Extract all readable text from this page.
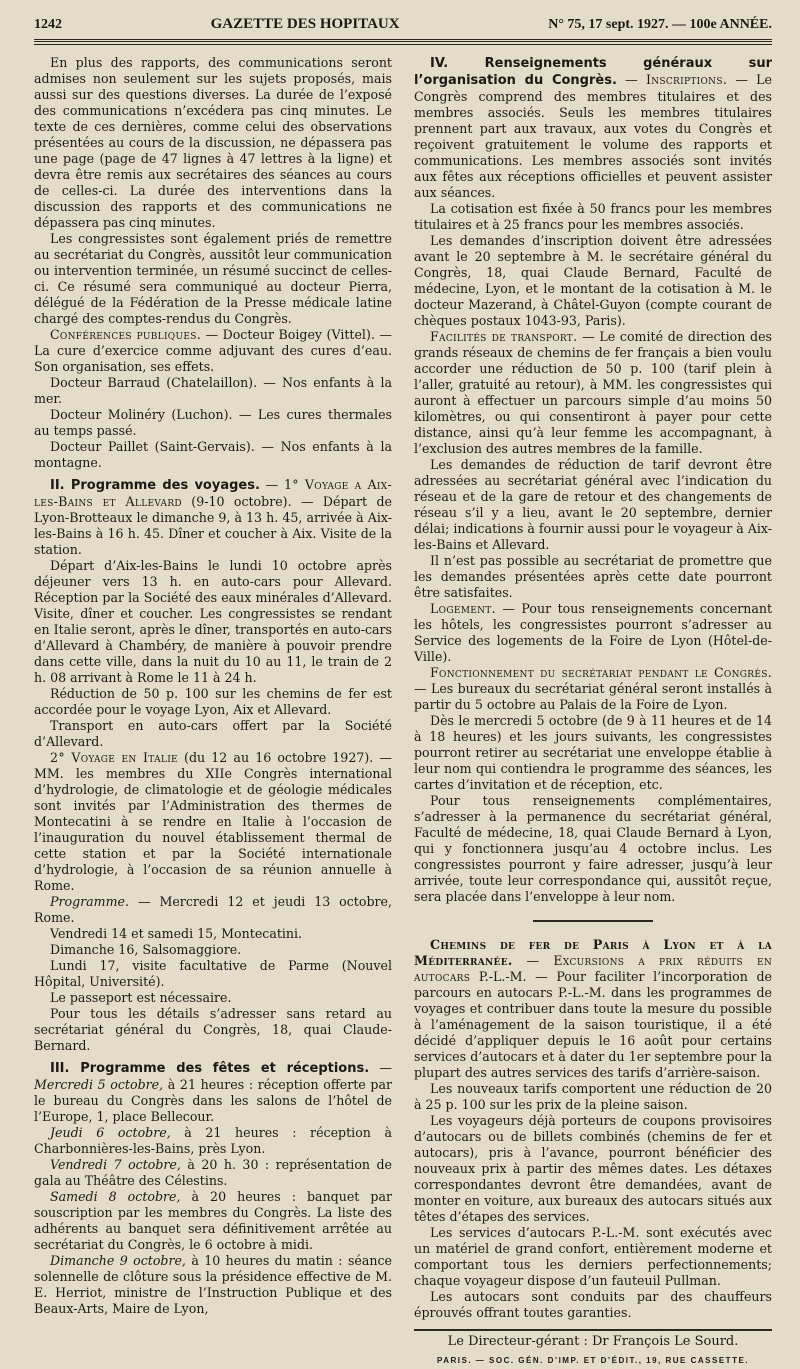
1242	GAZETTE DES HOPITAUX	N° 75, 17 sept. 1927. — 100e ANNÉE.

En plus des rapports, des communications seront admises non seulement sur les sujets proposés, mais aussi sur des questions diverses. La durée de l’exposé des communications n’excédera pas cinq minutes. Le texte de ces dernières, comme celui des observations présentées au cours de la discussion, ne dépassera pas une page (page de 47 lignes à 47 lettres à la ligne) et devra être remis aux secrétaires des séances au cours de celles-ci. La durée des interventions dans la discussion des rapports et des communications ne dépassera pas cinq minutes.

Les congressistes sont également priés de remettre au secrétariat du Congrès, aussitôt leur communication ou intervention terminée, un résumé succinct de celles-ci. Ce résumé sera communiqué au docteur Pierra, délégué de la Fédération de la Presse médicale latine chargé des comptes-rendus du Congrès.

Conférences publiques. — Docteur Boigey (Vittel). — La cure d’exercice comme adjuvant des cures d’eau. Son organisation, ses effets.

Docteur Barraud (Chatelaillon). — Nos enfants à la mer.

Docteur Molinéry (Luchon). — Les cures thermales au temps passé.

Docteur Paillet (Saint-Gervais). — Nos enfants à la montagne.

II. Programme des voyages. — 1° Voyage a Aix-les-Bains et Allevard (9-10 octobre). — Départ de Lyon-Brotteaux le dimanche 9, à 13 h. 45, arrivée à Aix-les-Bains à 16 h. 45. Dîner et coucher à Aix. Visite de la station.

Départ d’Aix-les-Bains le lundi 10 octobre après déjeuner vers 13 h. en auto-cars pour Allevard. Réception par la Société des eaux minérales d’Allevard. Visite, dîner et coucher. Les congressistes se rendant en Italie seront, après le dîner, transportés en auto-cars d’Allevard à Chambéry, de manière à pouvoir prendre dans cette ville, dans la nuit du 10 au 11, le train de 2 h. 08 arrivant à Rome le 11 à 24 h.

Réduction de 50 p. 100 sur les chemins de fer est accordée pour le voyage Lyon, Aix et Allevard.

Transport en auto-cars offert par la Société d’Allevard.

2° Voyage en Italie (du 12 au 16 octobre 1927). — MM. les membres du XIIe Congrès international d’hydrologie, de climatologie et de géologie médicales sont invités par l’Administration des thermes de Montecatini à se rendre en Italie à l’occasion de l’inauguration du nouvel établissement thermal de cette station et par la Société internationale d’hydrologie, à l’occasion de sa réunion annuelle à Rome.

Programme. — Mercredi 12 et jeudi 13 octobre, Rome.

Vendredi 14 et samedi 15, Montecatini.

Dimanche 16, Salsomaggiore.

Lundi 17, visite facultative de Parme (Nouvel Hôpital, Université).

Le passeport est nécessaire.

Pour tous les détails s’adresser sans retard au secrétariat général du Congrès, 18, quai Claude-Bernard.

III. Programme des fêtes et réceptions. — Mercredi 5 octobre, à 21 heures : réception offerte par le bureau du Congrès dans les salons de l’hôtel de l’Europe, 1, place Bellecour.

Jeudi 6 octobre, à 21 heures : réception à Charbonnières-les-Bains, près Lyon.

Vendredi 7 octobre, à 20 h. 30 : représentation de gala au Théâtre des Célestins.

Samedi 8 octobre, à 20 heures : banquet par souscription par les membres du Congrès. La liste des adhérents au banquet sera définitivement arrêtée au secrétariat du Congrès, le 6 octobre à midi.

Dimanche 9 octobre, à 10 heures du matin : séance solennelle de clôture sous la présidence effective de M. E. Herriot, ministre de l’Instruction Publique et des Beaux-Arts, Maire de Lyon,

IV. Renseignements généraux sur l’organisation du Congrès. — Inscriptions. — Le Congrès comprend des membres titulaires et des membres associés. Seuls les membres titulaires prennent part aux travaux, aux votes du Congrès et reçoivent gratuitement le volume des rapports et communications. Les membres associés sont invités aux fêtes aux réceptions officielles et peuvent assister aux séances.

La cotisation est fixée à 50 francs pour les membres titulaires et à 25 francs pour les membres associés.

Les demandes d’inscription doivent être adressées avant le 20 septembre à M. le secrétaire général du Congrès, 18, quai Claude Bernard, Faculté de médecine, Lyon, et le montant de la cotisation à M. le docteur Mazerand, à Châtel-Guyon (compte courant de chèques postaux 1043-93, Paris).

Facilités de transport. — Le comité de direction des grands réseaux de chemins de fer français a bien voulu accorder une réduction de 50 p. 100 (tarif plein à l’aller, gratuité au retour), à MM. les congressistes qui auront à effectuer un parcours simple d’au moins 50 kilomètres, ou qui consentiront à payer pour cette distance, ainsi qu’à leur femme les accompagnant, à l’exclusion des autres membres de la famille.

Les demandes de réduction de tarif devront être adressées au secrétariat général avec l’indication du réseau et de la gare de retour et des changements de réseau s’il y a lieu, avant le 20 septembre, dernier délai; indications à fournir aussi pour le voyageur à Aix-les-Bains et Allevard.

Il n’est pas possible au secrétariat de promettre que les demandes présentées après cette date pourront être satisfaites.

Logement. — Pour tous renseignements concernant les hôtels, les congressistes pourront s’adresser au Service des logements de la Foire de Lyon (Hôtel-de-Ville).

Fonctionnement du secrétariat pendant le Congrès. — Les bureaux du secrétariat général seront installés à partir du 5 octobre au Palais de la Foire de Lyon.

Dès le mercredi 5 octobre (de 9 à 11 heures et de 14 à 18 heures) et les jours suivants, les congressistes pourront retirer au secrétariat une enveloppe établie à leur nom qui contiendra le programme des séances, les cartes d’invitation et de réception, etc.

Pour tous renseignements complémentaires, s’adresser à la permanence du secrétariat général, Faculté de médecine, 18, quai Claude Bernard à Lyon, qui y fonctionnera jusqu’au 4 octobre inclus. Les congressistes pourront y faire adresser, jusqu’à leur arrivée, toute leur correspondance qui, aussitôt reçue, sera placée dans l’enveloppe à leur nom.

Chemins de fer de Paris à Lyon et à la Méditerranée. — Excursions a prix réduits en autocars P.-L.-M. — Pour faciliter l’incorporation de parcours en autocars P.-L.-M. dans les programmes de voyages et contribuer dans toute la mesure du possible à l’aménagement de la saison touristique, il a été décidé d’appliquer depuis le 16 août pour certains services d’autocars et à dater du 1er septembre pour la plupart des autres services des tarifs d’arrière-saison.

Les nouveaux tarifs comportent une réduction de 20 à 25 p. 100 sur les prix de la pleine saison.

Les voyageurs déjà porteurs de coupons provisoires d’autocars ou de billets combinés (chemins de fer et autocars), pris à l’avance, pourront bénéficier des nouveaux prix à partir des mêmes dates. Les détaxes correspondantes devront être demandées, avant de monter en voiture, aux bureaux des autocars situés aux têtes d’étapes des services.

Les services d’autocars P.-L.-M. sont exécutés avec un matériel de grand confort, entièrement moderne et comportant tous les derniers perfectionnements; chaque voyageur dispose d’un fauteuil Pullman.

Les autocars sont conduits par des chauffeurs éprouvés offrant toutes garanties.

Le Directeur-gérant : Dr François Le Sourd.
PARIS. — SOC. GÉN. D’IMP. ET D’ÉDIT., 19, RUE CASSETTE.
